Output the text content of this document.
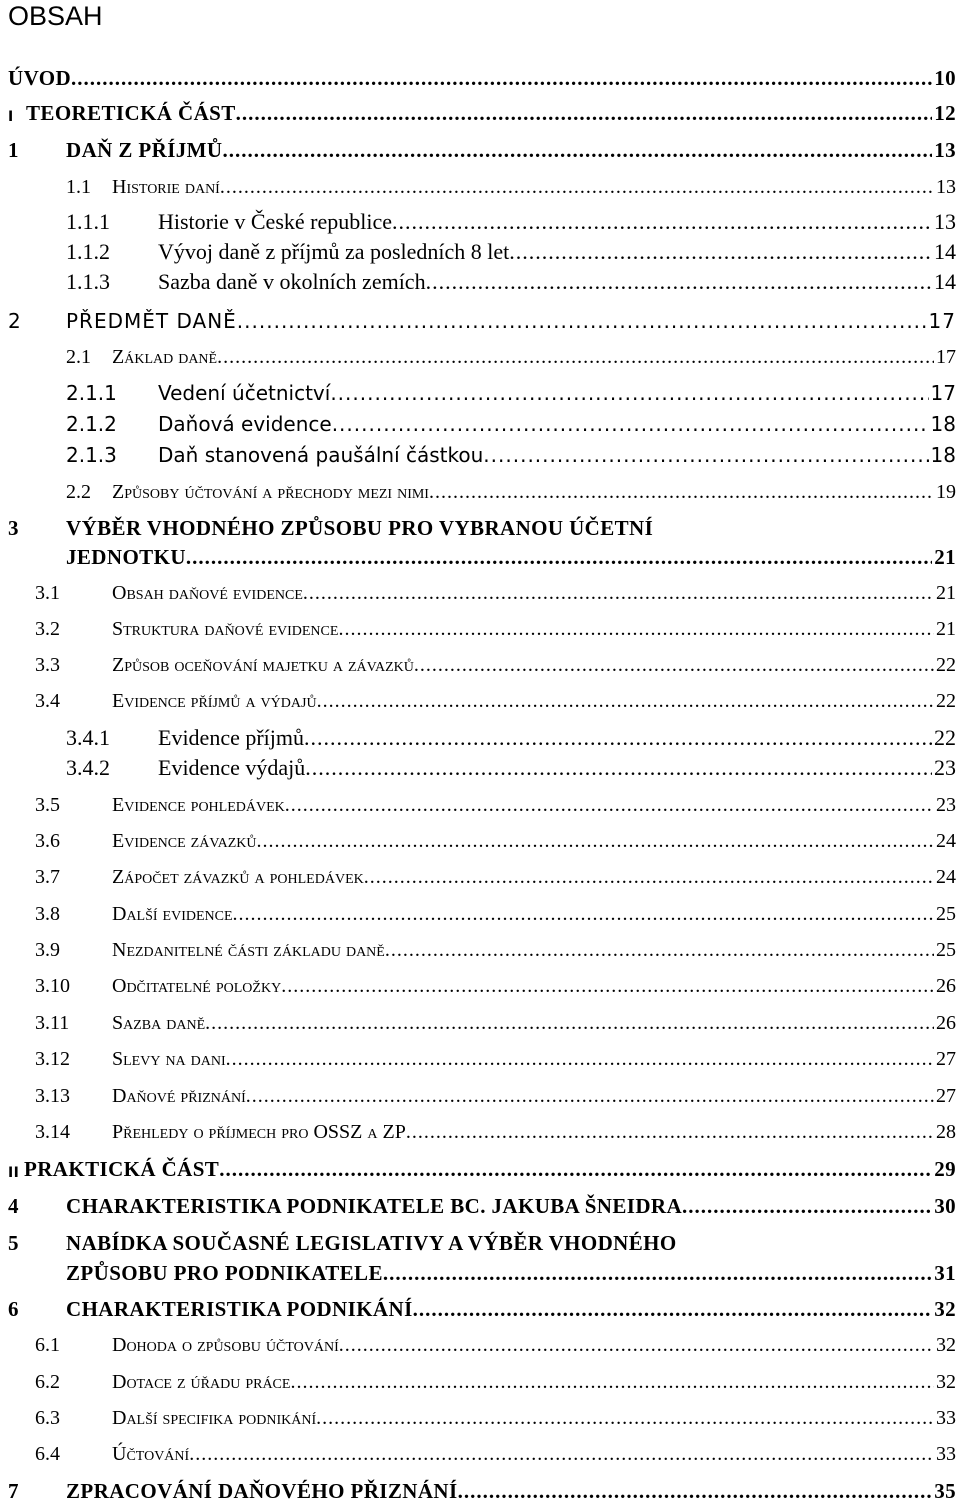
OBSAH
ÚVOD .....	10
I TEORETICKÁ ČÁST .....	12
1 DAŇ Z PŘÍJMŮ .....	13
1.1 Historie daní .....	13
1.1.1 Historie v České republice .....	13
1.1.2 Vývoj daně z příjmů za posledních 8 let .....	14
1.1.3 Sazba daně v okolních zemích .....	14
2 PŘEDMĚT DANĚ .....	17
2.1 Základ daně .....	17
2.1.1 Vedení účetnictví .....	17
2.1.2 Daňová evidence .....	18
2.1.3 Daň stanovená paušální částkou .....	18
2.2 Způsoby účtování a přechody mezi nimi .....	19
3 VÝBĚR VHODNÉHO ZPŮSOBU PRO VYBRANOU ÚČETNÍ
JEDNOTKU .....	21
3.1	Obsah daňové evidence .....	21
3.2	Struktura daňové evidence .....	21
3.3	Způsob oceňování majetku a závazků .....	22
3.4	Evidence příjmů a výdajů .....	22
3.4.1 Evidence příjmů .....	22
3.4.2 Evidence výdajů .....	23
3.5	Evidence pohledávek .....	23
3.6	Evidence závazků .....	24
3.7	Zápočet závazků a pohledávek .....	24
3.8	Další evidence .....	25
3.9	Nezdanitelné části základu daně .....	25
3.10 Odčitatelné položky .....	26
3.11 Sazba daně .....	26
3.12 Slevy na dani .....	27
3.13 Daňové přiznání .....	27
3.14 Přehledy o příjmech pro OSSZ a ZP .....	28
II PRAKTICKÁ ČÁST .....	29
4 CHARAKTERISTIKA PODNIKATELE BC. JAKUBA ŠNEIDRA .....	30
5 NABÍDKA SOUČASNÉ LEGISLATIVY A VÝBĚR VHODNÉHO
ZPŮSOBU PRO PODNIKATELE .....	31
6 CHARAKTERISTIKA PODNIKÁNÍ .....	32
6.1	Dohoda o způsobu účtování .....	32
6.2	Dotace z úřadu práce .....	32
6.3	Další specifika podnikání .....	33
6.4	Účtování .....	33
7 ZPRACOVÁNÍ DAŇOVÉHO PŘIZNÁNÍ .....	35
